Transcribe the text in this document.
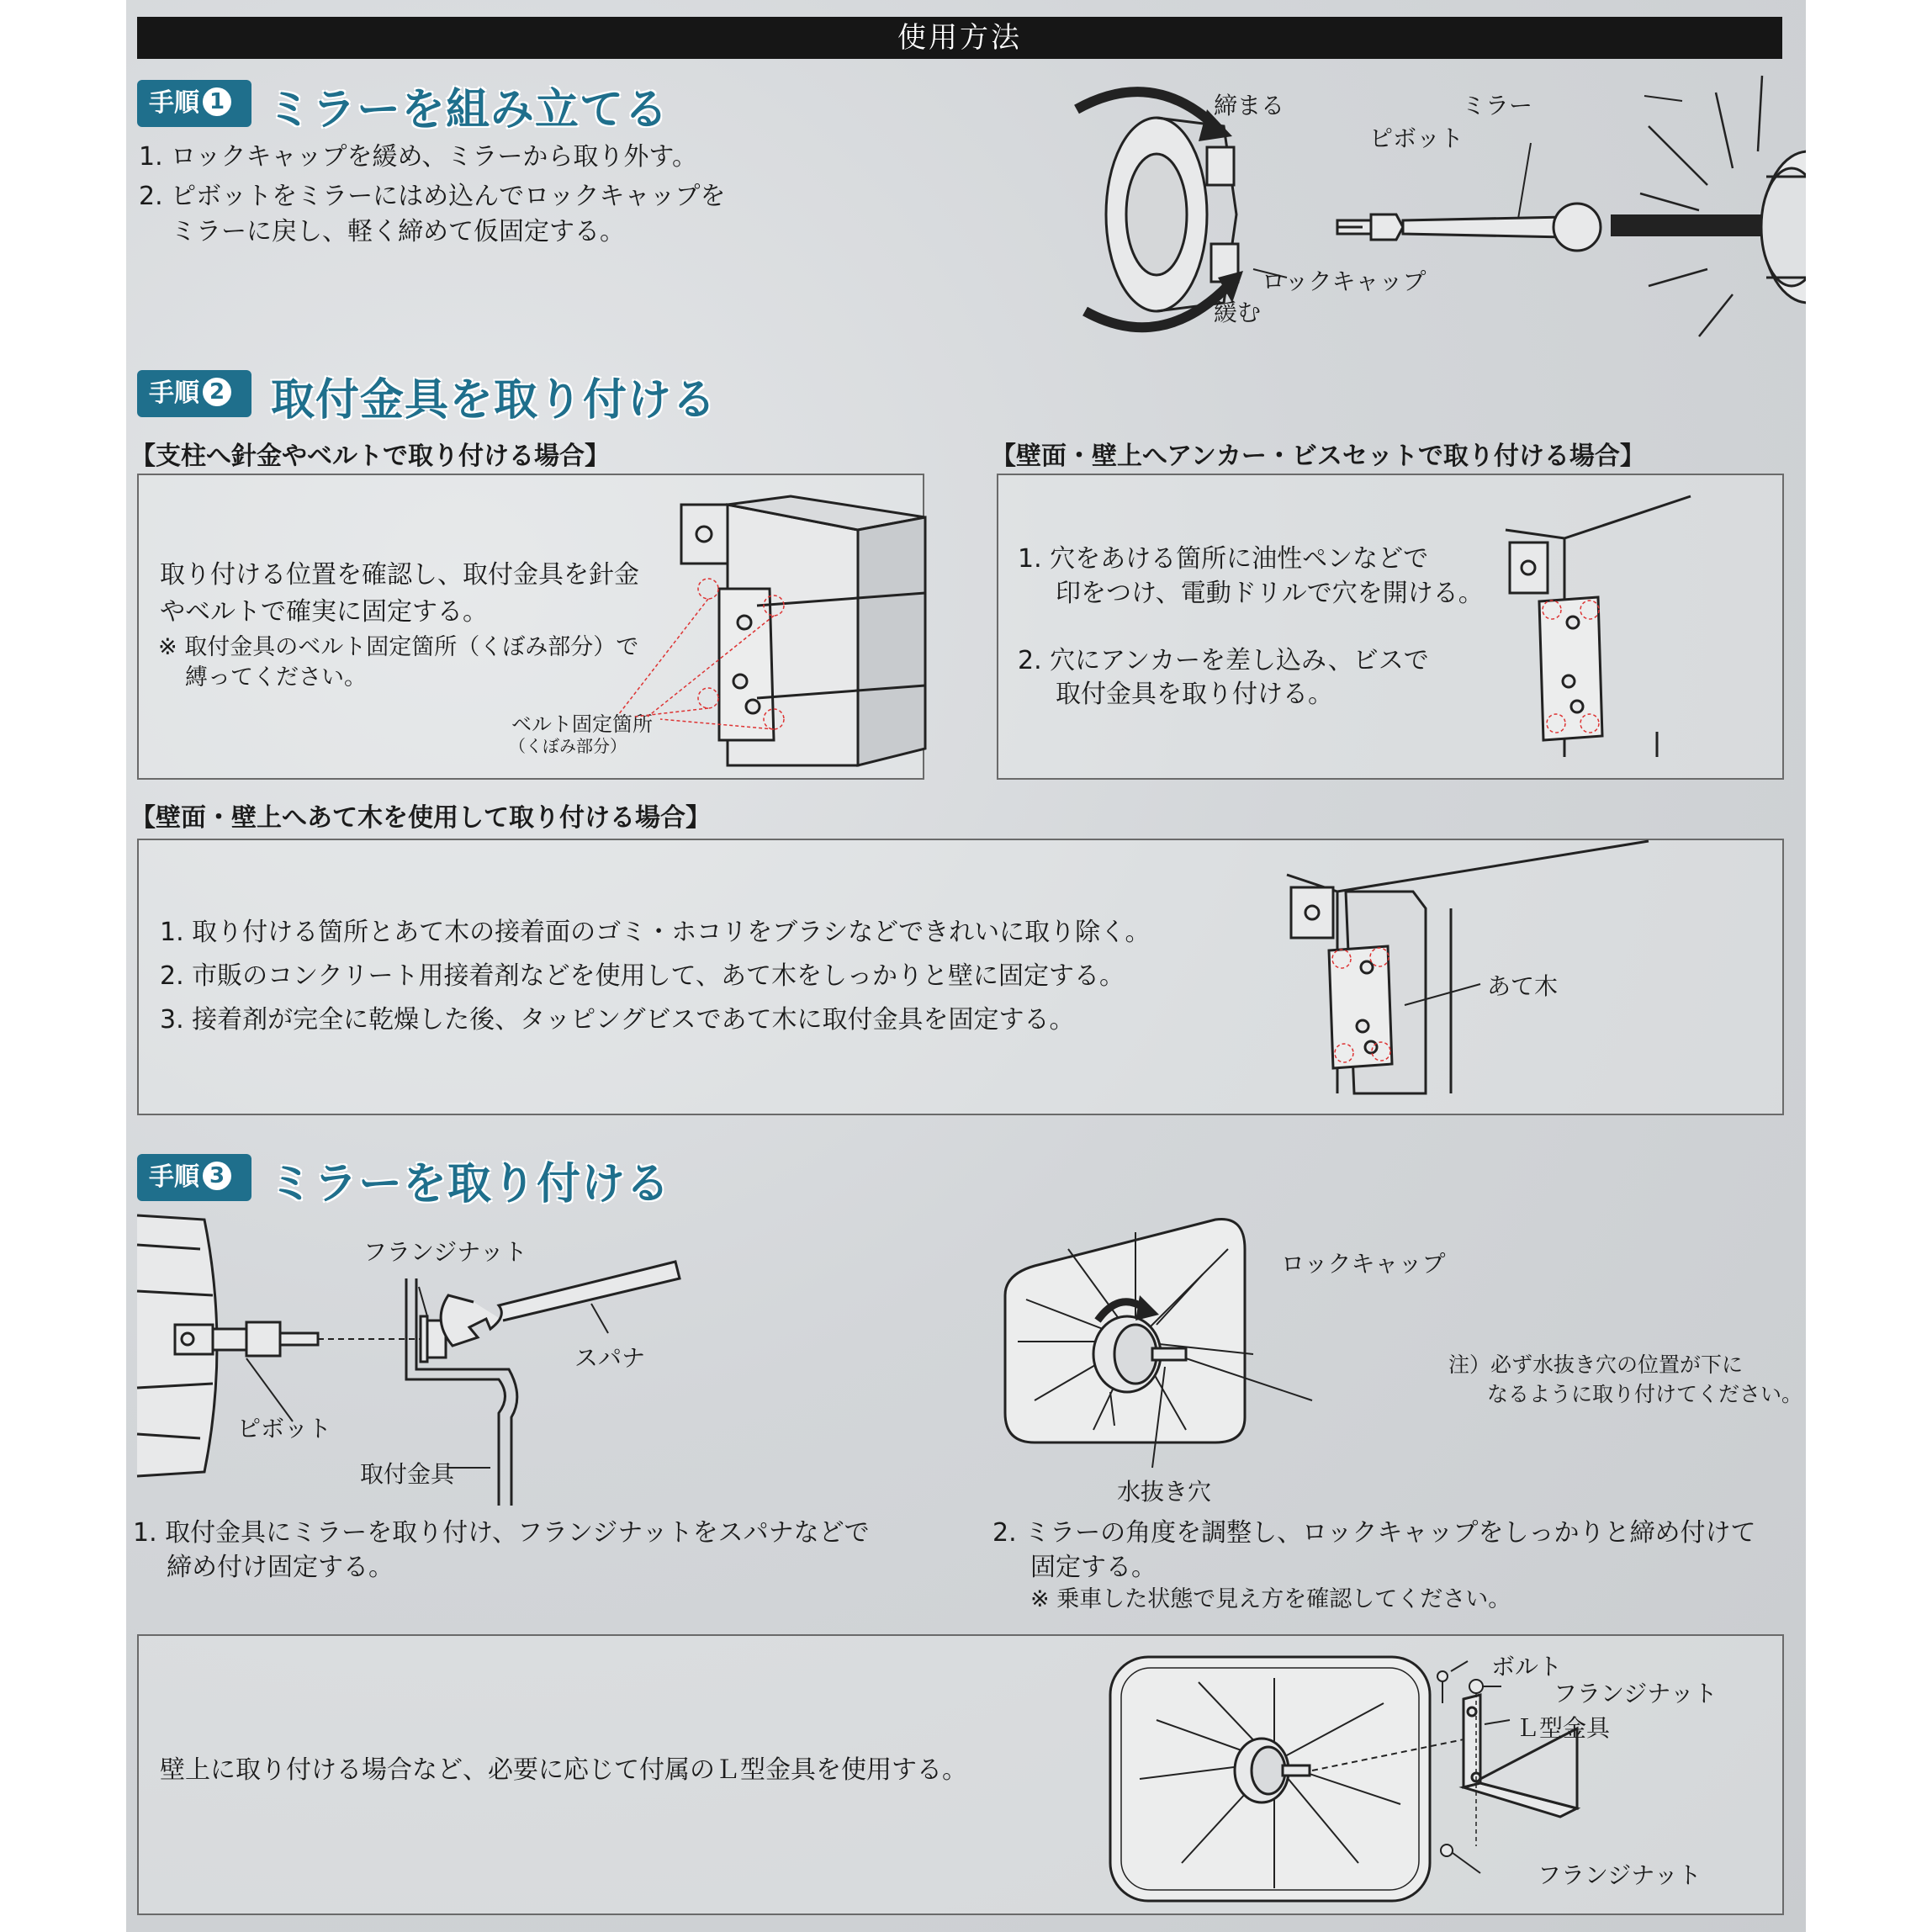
使用方法
手順 1 ミラーを組み立てる
1. ロックキャップを緩め、ミラーから取り外す。
2. ピボットをミラーにはめ込んでロックキャップを
ミラーに戻し、軽く締めて仮固定する。
締まる
緩む
ミラー
ピボット
ロックキャップ
手順 2	取付金具を取り付ける
【支柱へ針金やベルトで取り付ける場合】
取り付ける位置を確認し、取付金具を針金
やベルトで確実に固定する。
※ 取付金具のベルト固定箇所（くぼみ部分）で
縛ってください。
ベルト固定箇所
（くぼみ部分）
【壁面・壁上へアンカー・ビスセットで取り付ける場合】
1. 穴をあける箇所に油性ペンなどで
印をつけ、電動ドリルで穴を開ける。
2. 穴にアンカーを差し込み、ビスで
取付金具を取り付ける。
【壁面・壁上へあて木を使用して取り付ける場合】
1. 取り付ける箇所とあて木の接着面のゴミ・ホコリをブラシなどできれいに取り除く。
2. 市販のコンクリート用接着剤などを使用して、あて木をしっかりと壁に固定する。
3. 接着剤が完全に乾燥した後、タッピングビスであて木に取付金具を固定する。
あて木
手順 3	ミラーを取り付ける
フランジナット
スパナ
ピボット
取付金具
ロックキャップ
水抜き穴
注）必ず水抜き穴の位置が下に
なるように取り付けてください。
1. 取付金具にミラーを取り付け、フランジナットをスパナなどで
締め付け固定する。
2. ミラーの角度を調整し、ロックキャップをしっかりと締め付けて
固定する。
※ 乗車した状態で見え方を確認してください。
壁上に取り付ける場合など、必要に応じて付属のＬ型金具を使用する。
ボルト
フランジナット
Ｌ型金具
フランジナット
